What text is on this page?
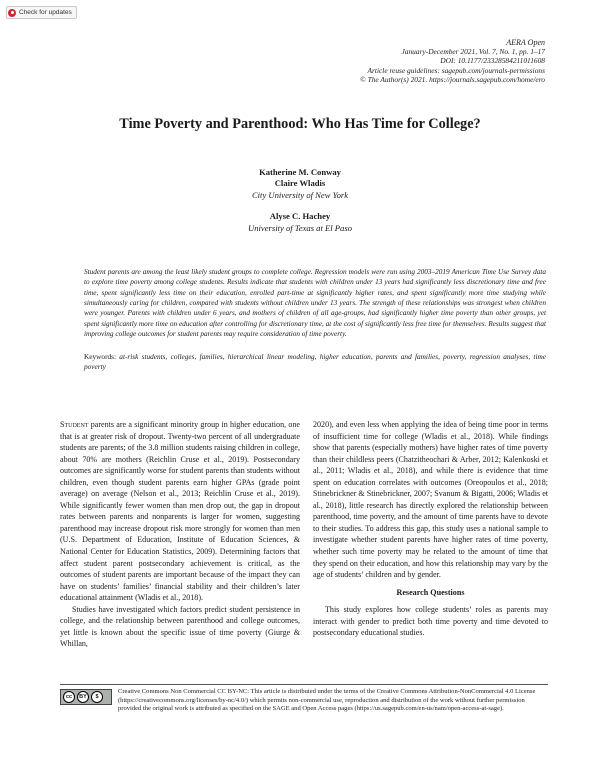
Check for updates
AERA Open
January-December 2021, Vol. 7, No. 1, pp. 1–17
DOI: 10.1177/23328584211011608
Article reuse guidelines: sagepub.com/journals-permissions
© The Author(s) 2021. https://journals.sagepub.com/home/ero
Time Poverty and Parenthood: Who Has Time for College?
Katherine M. Conway
Claire Wladis
City University of New York
Alyse C. Hachey
University of Texas at El Paso

Student parents are among the least likely student groups to complete college. Regression models were run using 2003–2019 American Time Use Survey data to explore time poverty among college students. Results indicate that students with children under 13 years had significantly less discretionary time and free time, spent significantly less time on their education, enrolled part-time at significantly higher rates, and spent significantly more time studying while simultaneously caring for children, compared with students without children under 13 years. The strength of these relationships was strongest when children were younger. Parents with children under 6 years, and mothers of children of all age-groups, had significantly higher time poverty than other groups, yet spent significantly more time on education after controlling for discretionary time, at the cost of significantly less free time for themselves. Results suggest that improving college outcomes for student parents may require consideration of time poverty.

Keywords: at-risk students, colleges, families, hierarchical linear modeling, higher education, parents and families, poverty, regression analyses, time poverty

Student parents are a significant minority group in higher education, one that is at greater risk of dropout. Twenty-two percent of all undergraduate students are parents; of the 3.8 million students raising children in college, about 70% are mothers (Reichlin Cruse et al., 2019). Postsecondary outcomes are significantly worse for student parents than students without children, even though student parents earn higher GPAs (grade point average) on average (Nelson et al., 2013; Reichlin Cruse et al., 2019). While significantly fewer women than men drop out, the gap in dropout rates between parents and nonparents is larger for women, suggesting parenthood may increase dropout risk more strongly for women than men (U.S. Department of Education, Institute of Education Sciences, & National Center for Education Statistics, 2009). Determining factors that affect student parent postsecondary achievement is critical, as the outcomes of student parents are important because of the impact they can have on students’ families’ financial stability and their children’s later educational attainment (Wladis et al., 2018).

Studies have investigated which factors predict student persistence in college, and the relationship between parenthood and college outcomes, yet little is known about the specific issue of time poverty (Giurge & Whillan,

2020), and even less when applying the idea of being time poor in terms of insufficient time for college (Wladis et al., 2018). While findings show that parents (especially mothers) have higher rates of time poverty than their childless peers (Chatzitheochari & Arber, 2012; Kalenkoski et al., 2011; Wladis et al., 2018), and while there is evidence that time spent on education correlates with outcomes (Oreopoulos et al., 2018; Stinebrickner & Stinebrickner, 2007; Svanum & Bigatti, 2006; Wladis et al., 2018), little research has directly explored the relationship between parenthood, time poverty, and the amount of time parents have to devote to their studies. To address this gap, this study uses a national sample to investigate whether student parents have higher rates of time poverty, whether such time poverty may be related to the amount of time that they spend on their education, and how this relationship may vary by the age of students’ children and by gender.

Research Questions

This study explores how college students’ roles as parents may interact with gender to predict both time poverty and time devoted to postsecondary educational studies.

cc	BY	$

Creative Commons Non Commercial CC BY-NC: This article is distributed under the terms of the Creative Commons Attribution-NonCommercial 4.0 License (https://creativecommons.org/licenses/by-nc/4.0/) which permits non-commercial use, reproduction and distribution of the work without further permission provided the original work is attributed as specified on the SAGE and Open Access pages (https://us.sagepub.com/en-us/nam/open-access-at-sage).
